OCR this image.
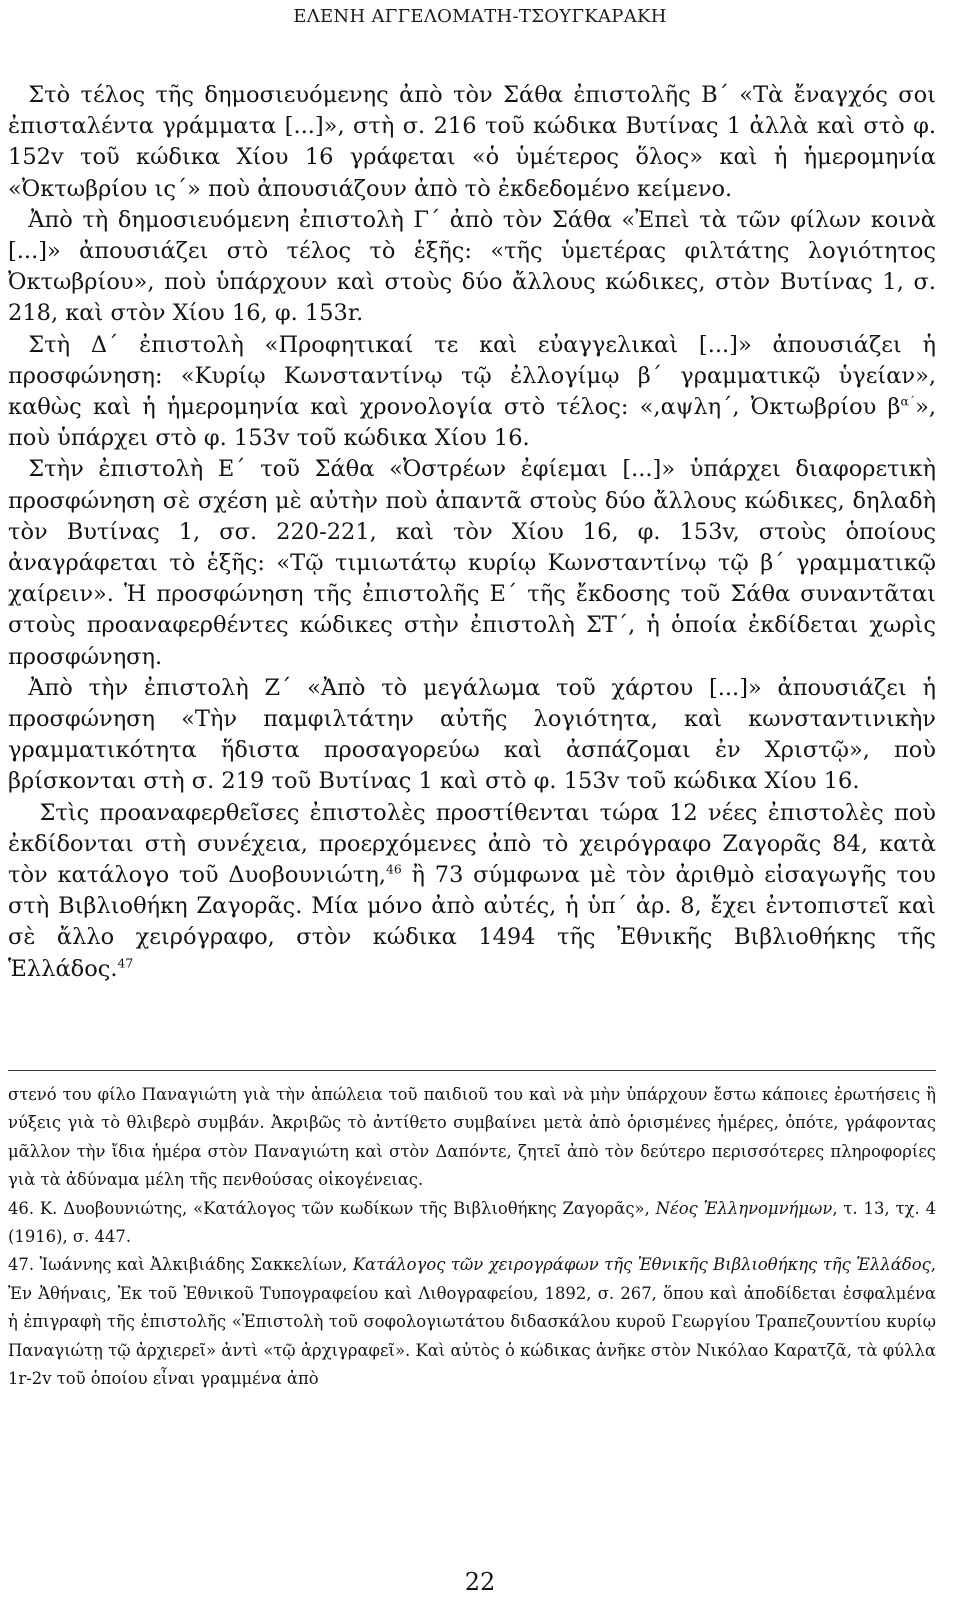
ΕΛΕΝΗ ΑΓΓΕΛΟΜΑΤΗ-ΤΣΟΥΓΚΑΡΑΚΗ

Στὸ τέλος τῆς δημοσιευόμενης ἀπὸ τὸν Σάθα ἐπιστολῆς Β΄ «Τὰ ἔναγχός σοι ἐπισταλέντα γράμματα [...]», στὴ σ. 216 τοῦ κώδικα Βυτίνας 1 ἀλλὰ καὶ στὸ φ. 152v τοῦ κώδικα Χίου 16 γράφεται «ὁ ὑμέτερος ὅλος» καὶ ἡ ἡμερομηνία «Ὀκτωβρίου ις΄» ποὺ ἀπουσιάζουν ἀπὸ τὸ ἐκδεδομένο κείμενο.

Ἀπὸ τὴ δημοσιευόμενη ἐπιστολὴ Γ΄ ἀπὸ τὸν Σάθα «Ἐπεὶ τὰ τῶν φίλων κοινὰ [...]» ἀπουσιάζει στὸ τέλος τὸ ἑξῆς: «τῆς ὑμετέρας φιλτάτης λογιότητος Ὀκτωβρίου», ποὺ ὑπάρχουν καὶ στοὺς δύο ἄλλους κώδικες, στὸν Βυτίνας 1, σ. 218, καὶ στὸν Χίου 16, φ. 153r.

Στὴ Δ΄ ἐπιστολὴ «Προφητικαί τε καὶ εὐαγγελικαὶ [...]» ἀπουσιάζει ἡ προσφώνηση: «Κυρίῳ Κωνσταντίνῳ τῷ ἐλλογίμῳ β΄ γραμματικῷ ὑγείαν», καθὼς καὶ ἡ ἡμερομηνία καὶ χρονολογία στὸ τέλος: «,αψλη΄, Ὀκτωβρίου $\beta^{\alpha΄}$», ποὺ ὑπάρχει στὸ φ. 153v τοῦ κώδικα Χίου 16.

Στὴν ἐπιστολὴ Ε΄ τοῦ Σάθα «Ὀστρέων ἐφίεμαι [...]» ὑπάρχει διαφορετικὴ προσφώνηση σὲ σχέση μὲ αὐτὴν ποὺ ἀπαντᾶ στοὺς δύο ἄλλους κώδικες, δηλαδὴ τὸν Βυτίνας 1, σσ. 220-221, καὶ τὸν Χίου 16, φ. 153v, στοὺς ὁποίους ἀναγράφεται τὸ ἑξῆς: «Τῷ τιμιωτάτῳ κυρίῳ Κωνσταντίνῳ τῷ β΄ γραμματικῷ χαίρειν». Ἡ προσφώνηση τῆς ἐπιστολῆς Ε΄ τῆς ἔκδοσης τοῦ Σάθα συναντᾶται στοὺς προαναφερθέντες κώδικες στὴν ἐπιστολὴ ΣΤ΄, ἡ ὁποία ἐκδίδεται χωρὶς προσφώνηση.

Ἀπὸ τὴν ἐπιστολὴ Ζ΄ «Ἀπὸ τὸ μεγάλωμα τοῦ χάρτου [...]» ἀπουσιάζει ἡ προσφώνηση «Τὴν παμφιλτάτην αὐτῆς λογιότητα, καὶ κωνσταντινικὴν γραμματικότητα ἥδιστα προσαγορεύω καὶ ἀσπάζομαι ἐν Χριστῷ», ποὺ βρίσκονται στὴ σ. 219 τοῦ Βυτίνας 1 καὶ στὸ φ. 153v τοῦ κώδικα Χίου 16.

Στὶς προαναφερθεῖσες ἐπιστολὲς προστίθενται τώρα 12 νέες ἐπιστολὲς ποὺ ἐκδίδονται στὴ συνέχεια, προερχόμενες ἀπὸ τὸ χειρόγραφο Ζαγορᾶς 84, κατὰ τὸν κατάλογο τοῦ Δυοβουνιώτη,$^{46}$ ἢ 73 σύμφωνα μὲ τὸν ἀριθμὸ εἰσαγωγῆς του στὴ Βιβλιοθήκη Ζαγορᾶς. Μία μόνο ἀπὸ αὐτές, ἡ ὑπ΄ ἀρ. 8, ἔχει ἐντοπιστεῖ καὶ σὲ ἄλλο χειρόγραφο, στὸν κώδικα 1494 τῆς Ἐθνικῆς Βιβλιοθήκης τῆς Ἑλλάδος.$^{47}$

στενό του φίλο Παναγιώτη γιὰ τὴν ἀπώλεια τοῦ παιδιοῦ του καὶ νὰ μὴν ὑπάρχουν ἔστω κάποιες ἐρωτήσεις ἢ νύξεις γιὰ τὸ θλιβερὸ συμβάν. Ἀκριβῶς τὸ ἀντίθετο συμβαίνει μετὰ ἀπὸ ὁρισμένες ἡμέρες, ὁπότε, γράφοντας μᾶλλον τὴν ἴδια ἡμέρα στὸν Παναγιώτη καὶ στὸν Δαπόντε, ζητεῖ ἀπὸ τὸν δεύτερο περισσότερες πληροφορίες γιὰ τὰ ἀδύναμα μέλη τῆς πενθούσας οἰκογένειας.

46. Κ. Δυοβουνιώτης, «Κατάλογος τῶν κωδίκων τῆς Βιβλιοθήκης Ζαγορᾶς», Νέος Ἑλληνομνήμων, τ. 13, τχ. 4 (1916), σ. 447.

47. Ἰωάννης καὶ Ἀλκιβιάδης Σακκελίων, Κατάλογος τῶν χειρογράφων τῆς Ἐθνικῆς Βιβλιοθήκης τῆς Ἑλλάδος, Ἐν Ἀθήναις, Ἐκ τοῦ Ἐθνικοῦ Τυπογραφείου καὶ Λιθογραφείου, 1892, σ. 267, ὅπου καὶ ἀποδίδεται ἐσφαλμένα ἡ ἐπιγραφὴ τῆς ἐπιστολῆς «Ἐπιστολὴ τοῦ σοφολογιωτάτου διδασκάλου κυροῦ Γεωργίου Τραπεζουντίου κυρίῳ Παναγιώτῃ τῷ ἀρχιερεῖ» ἀντὶ «τῷ ἀρχιγραφεῖ». Καὶ αὐτὸς ὁ κώδικας ἀνῆκε στὸν Νικόλαο Καρατζᾶ, τὰ φύλλα 1r-2v τοῦ ὁποίου εἶναι γραμμένα ἀπὸ

22
